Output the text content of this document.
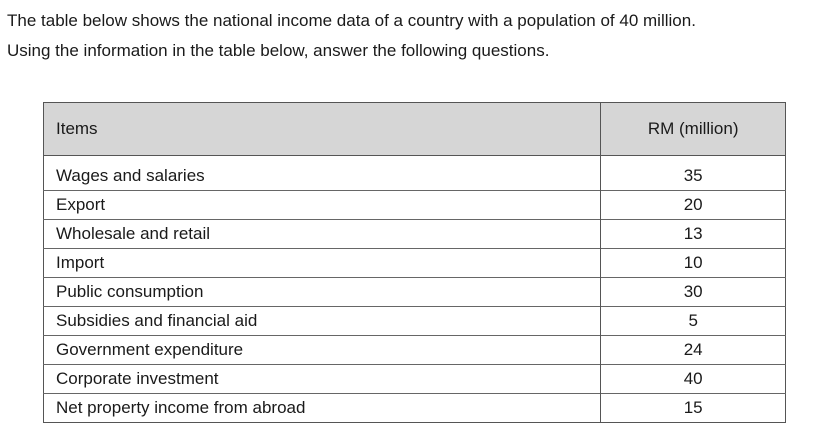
The table below shows the national income data of a country with a population of 40 million.

Using the information in the table below, answer the following questions.

Items	RM (million)
Wages and salaries	35
Export	20
Wholesale and retail	13
Import	10
Public consumption	30
Subsidies and financial aid	5
Government expenditure	24
Corporate investment	40
Net property income from abroad	15
